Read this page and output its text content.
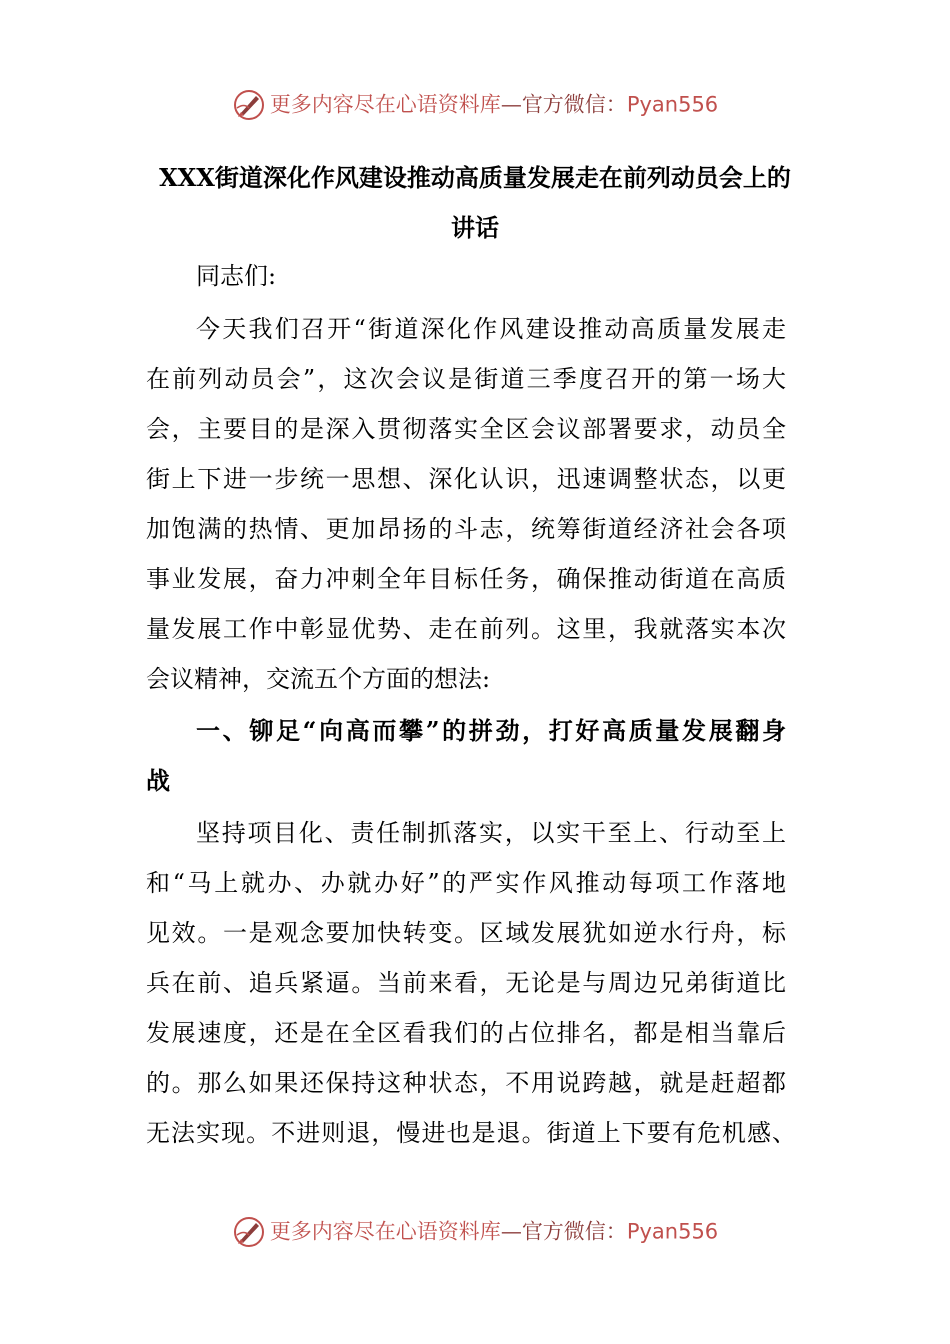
更多内容尽在心语资料库—官方微信：Pyan556
XXX街道深化作风建设推动高质量发展走在前列动员会上的
讲话
同志们:
今天我们召开“街道深化作风建设推动高质量发展走
在前列动员会”，这次会议是街道三季度召开的第一场大
会，主要目的是深入贯彻落实全区会议部署要求，动员全
街上下进一步统一思想、深化认识，迅速调整状态，以更
加饱满的热情、更加昂扬的斗志，统筹街道经济社会各项
事业发展，奋力冲刺全年目标任务，确保推动街道在高质
量发展工作中彰显优势、走在前列。这里，我就落实本次
会议精神，交流五个方面的想法:
一、铆足“向高而攀”的拼劲，打好高质量发展翻身
战
坚持项目化、责任制抓落实，以实干至上、行动至上
和“马上就办、办就办好”的严实作风推动每项工作落地
见效。一是观念要加快转变。区域发展犹如逆水行舟，标
兵在前、追兵紧逼。当前来看，无论是与周边兄弟街道比
发展速度，还是在全区看我们的占位排名，都是相当靠后
的。那么如果还保持这种状态，不用说跨越，就是赶超都
无法实现。不进则退，慢进也是退。街道上下要有危机感、
更多内容尽在心语资料库—官方微信：Pyan556
